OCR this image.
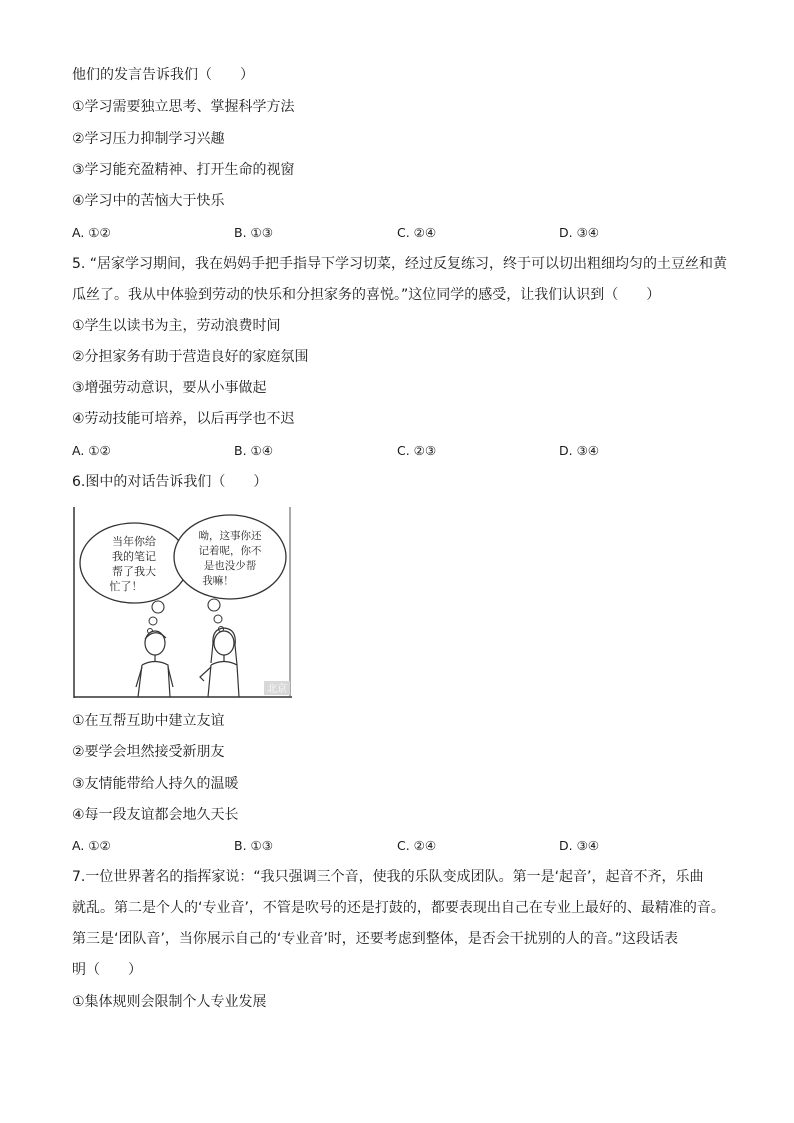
他们的发言告诉我们（　　）
①学习需要独立思考、掌握科学方法
②学习压力抑制学习兴趣
③学习能充盈精神、打开生命的视窗
④学习中的苦恼大于快乐
A. ①②	B. ①③	C. ②④	D. ③④
5. “居家学习期间，我在妈妈手把手指导下学习切菜，经过反复练习，终于可以切出粗细均匀的土豆丝和黄
瓜丝了。我从中体验到劳动的快乐和分担家务的喜悦。”这位同学的感受，让我们认识到（　　）
①学生以读书为主，劳动浪费时间
②分担家务有助于营造良好的家庭氛围
③增强劳动意识，要从小事做起
④劳动技能可培养，以后再学也不迟
A. ①②	B. ①④	C. ②③	D. ③④
6.图中的对话告诉我们（　　）
当年你给
我的笔记
帮了我大
忙了！
呦，这事你还
记着呢，你不
是也没少帮
我嘛！
北京
①在互帮互助中建立友谊
②要学会坦然接受新朋友
③友情能带给人持久的温暖
④每一段友谊都会地久天长
A. ①②	B. ①③	C. ②④	D. ③④
7.一位世界著名的指挥家说：“我只强调三个音，使我的乐队变成团队。第一是‘起音’，起音不齐，乐曲
就乱。第二是个人的‘专业音’，不管是吹号的还是打鼓的，都要表现出自己在专业上最好的、最精准的音。
第三是‘团队音’，当你展示自己的‘专业音’时，还要考虑到整体，是否会干扰别的人的音。”这段话表
明（　　）
①集体规则会限制个人专业发展
